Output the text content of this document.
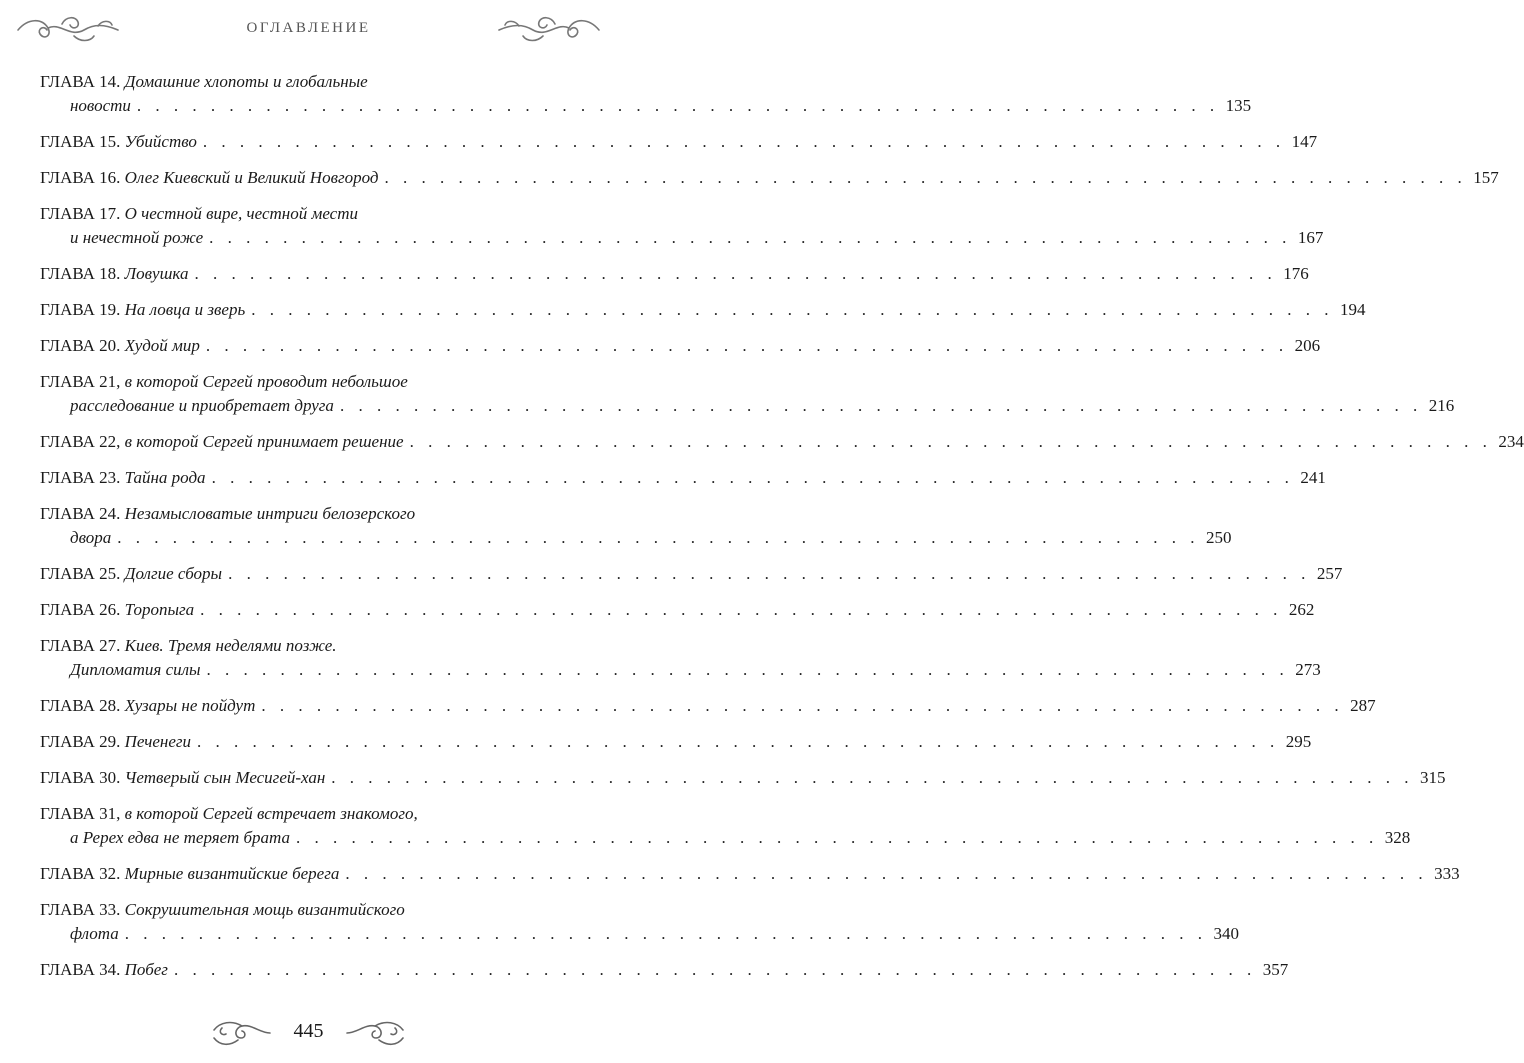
ОГЛАВЛЕНИЕ
ГЛАВА 14.
Домашние хлопоты и глобальные
новости . . . . . . . . . . . . . . . . . . . . . . . . . . . . . . . . . . . . . . . . . . . . . . . . . . . . . . . . . . . 135
ГЛАВА 15.
Убийство . . . . . . . . . . . . . . . . . . . . . . . . . . . . . . . . . . . . . . . . . . . . . . . . . . . . . . . . . . . 147
ГЛАВА 16.
Олег Киевский и Великий Новгород . . . . . . . . . . . . . . . . . . . . . . . . . . . . . . . . . . . . . . . . . . . . . . . . . . . . . . . . . . . 157
ГЛАВА 17.
О честной вире, честной мести
и нечестной роже . . . . . . . . . . . . . . . . . . . . . . . . . . . . . . . . . . . . . . . . . . . . . . . . . . . . . . . . . . . 167
ГЛАВА 18.
Ловушка . . . . . . . . . . . . . . . . . . . . . . . . . . . . . . . . . . . . . . . . . . . . . . . . . . . . . . . . . . . 176
ГЛАВА 19.
На ловца и зверь . . . . . . . . . . . . . . . . . . . . . . . . . . . . . . . . . . . . . . . . . . . . . . . . . . . . . . . . . . . 194
ГЛАВА 20.
Худой мир . . . . . . . . . . . . . . . . . . . . . . . . . . . . . . . . . . . . . . . . . . . . . . . . . . . . . . . . . . . 206
ГЛАВА 21,
в которой Сергей проводит небольшое
расследование и приобретает друга . . . . . . . . . . . . . . . . . . . . . . . . . . . . . . . . . . . . . . . . . . . . . . . . . . . . . . . . . . . 216
ГЛАВА 22,
в которой Сергей принимает решение . . . . . . . . . . . . . . . . . . . . . . . . . . . . . . . . . . . . . . . . . . . . . . . . . . . . . . . . . . . 234
ГЛАВА 23.
Тайна рода . . . . . . . . . . . . . . . . . . . . . . . . . . . . . . . . . . . . . . . . . . . . . . . . . . . . . . . . . . . 241
ГЛАВА 24.
Незамысловатые интриги белозерского
двора . . . . . . . . . . . . . . . . . . . . . . . . . . . . . . . . . . . . . . . . . . . . . . . . . . . . . . . . . . . 250
ГЛАВА 25.
Долгие сборы . . . . . . . . . . . . . . . . . . . . . . . . . . . . . . . . . . . . . . . . . . . . . . . . . . . . . . . . . . . 257
ГЛАВА 26.
Торопыга . . . . . . . . . . . . . . . . . . . . . . . . . . . . . . . . . . . . . . . . . . . . . . . . . . . . . . . . . . . 262
ГЛАВА 27.
Киев. Тремя неделями позже.
Дипломатия силы . . . . . . . . . . . . . . . . . . . . . . . . . . . . . . . . . . . . . . . . . . . . . . . . . . . . . . . . . . . 273
ГЛАВА 28.
Хузары не пойдут . . . . . . . . . . . . . . . . . . . . . . . . . . . . . . . . . . . . . . . . . . . . . . . . . . . . . . . . . . . 287
ГЛАВА 29.
Печенеги . . . . . . . . . . . . . . . . . . . . . . . . . . . . . . . . . . . . . . . . . . . . . . . . . . . . . . . . . . . 295
ГЛАВА 30.
Четверый сын Месигей-хан . . . . . . . . . . . . . . . . . . . . . . . . . . . . . . . . . . . . . . . . . . . . . . . . . . . . . . . . . . . 315
ГЛАВА 31,
в которой Сергей встречает знакомого,
а Ререх едва не теряет брата . . . . . . . . . . . . . . . . . . . . . . . . . . . . . . . . . . . . . . . . . . . . . . . . . . . . . . . . . . . 328
ГЛАВА 32.
Мирные византийские берега . . . . . . . . . . . . . . . . . . . . . . . . . . . . . . . . . . . . . . . . . . . . . . . . . . . . . . . . . . . 333
ГЛАВА 33.
Сокрушительная мощь византийского
флота . . . . . . . . . . . . . . . . . . . . . . . . . . . . . . . . . . . . . . . . . . . . . . . . . . . . . . . . . . . 340
ГЛАВА 34.
Побег . . . . . . . . . . . . . . . . . . . . . . . . . . . . . . . . . . . . . . . . . . . . . . . . . . . . . . . . . . . 357
445
